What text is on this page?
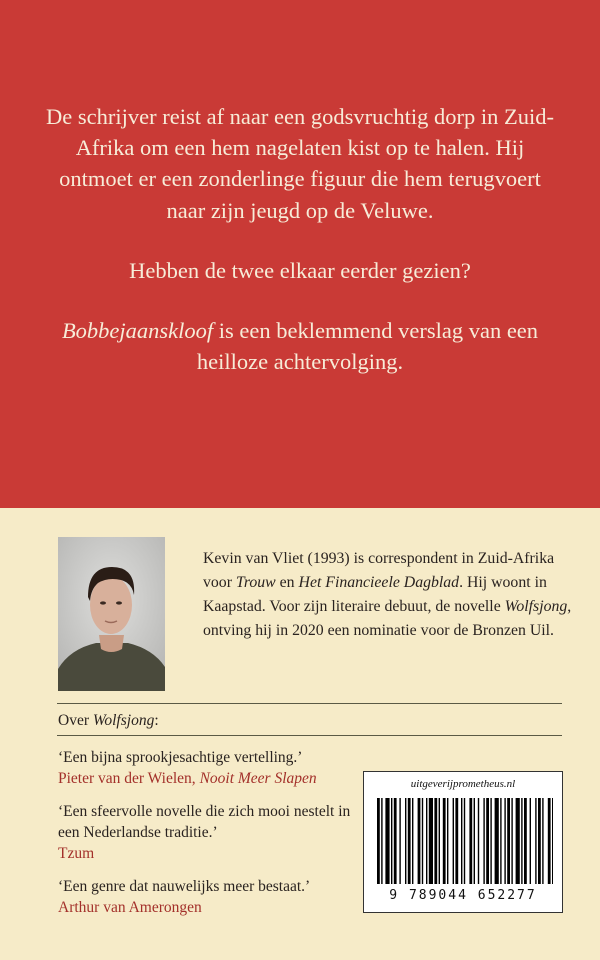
De schrijver reist af naar een godsvruchtig dorp in Zuid-Afrika om een hem nagelaten kist op te halen. Hij ontmoet er een zonderlinge figuur die hem terugvoert naar zijn jeugd op de Veluwe.

Hebben de twee elkaar eerder gezien?

Bobbejaanskloof is een beklemmend verslag van een heilloze achtervolging.

Kevin van Vliet (1993) is correspondent in Zuid-Afrika voor Trouw en Het Financieele Dagblad. Hij woont in Kaapstad. Voor zijn literaire debuut, de novelle Wolfsjong, ontving hij in 2020 een nominatie voor de Bronzen Uil.
Over Wolfsjong:
‘Een bijna sprookjesachtige vertelling.’
Pieter van der Wielen, Nooit Meer Slapen
‘Een sfeervolle novelle die zich mooi nestelt in een Nederlandse traditie.’
Tzum
‘Een genre dat nauwelijks meer bestaat.’
Arthur van Amerongen
uitgeverijprometheus.nl
9 789044 652277
